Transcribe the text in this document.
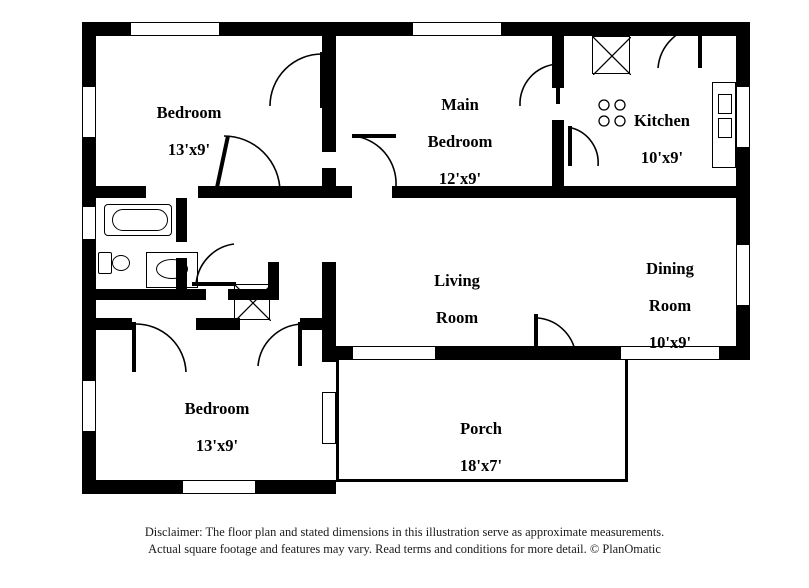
Bedroom

13'x9'

Main

Bedroom

12'x9'

Kitchen

10'x9'

Dining

Room

10'x9'

Living

Room

16'x9'

Bedroom

13'x9'

Porch

18'x7'

Disclaimer: The floor plan and stated dimensions in this illustration serve as approximate measurements.
Actual square footage and features may vary. Read terms and conditions for more detail. © PlanOmatic
